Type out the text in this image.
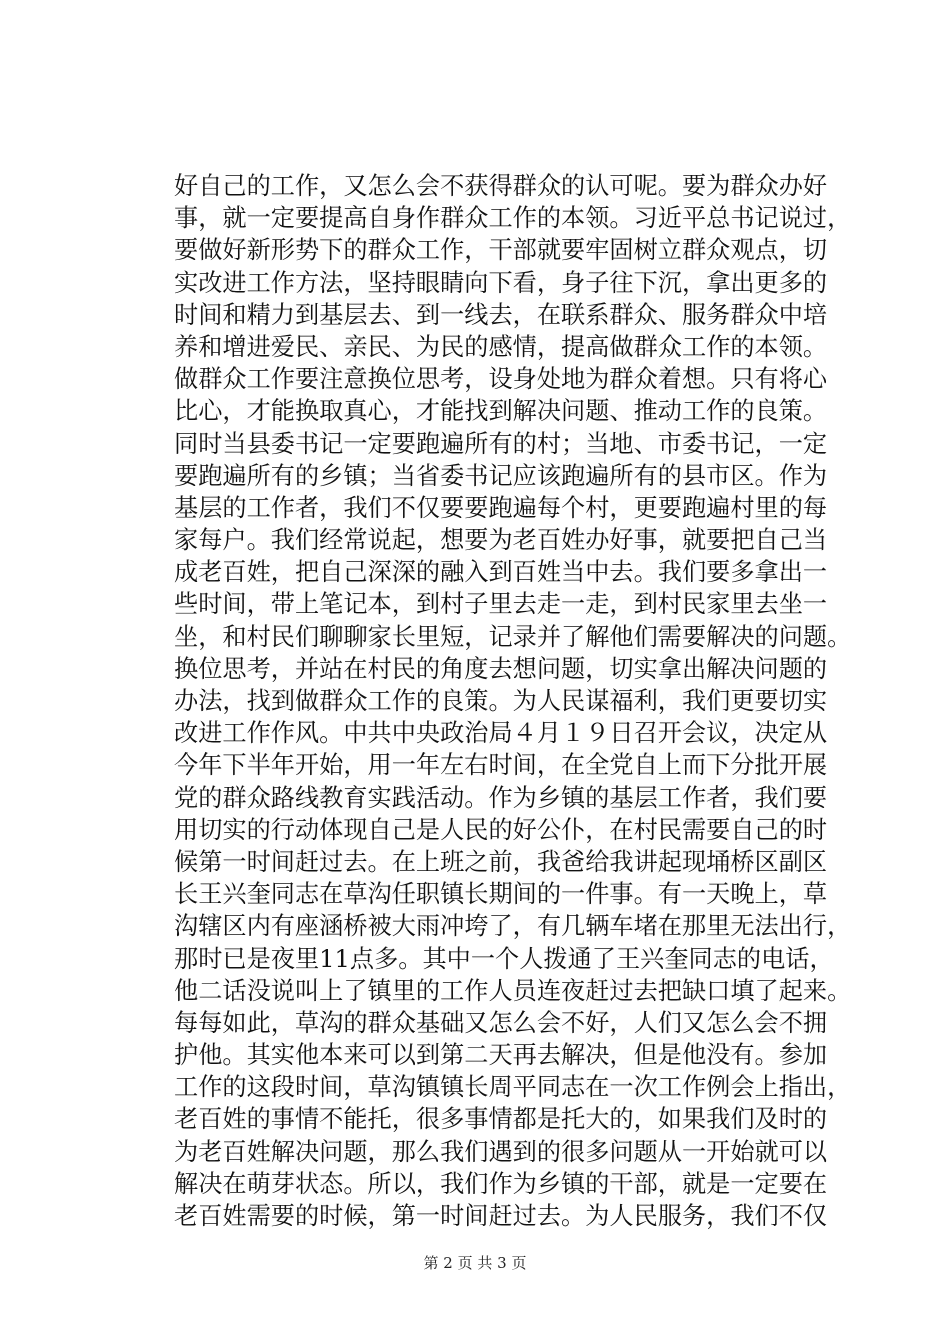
好自己的工作，又怎么会不获得群众的认可呢。要为群众办好
事，就一定要提高自身作群众工作的本领。习近平总书记说过，
要做好新形势下的群众工作，干部就要牢固树立群众观点，切
实改进工作方法，坚持眼睛向下看，身子往下沉，拿出更多的
时间和精力到基层去、到一线去，在联系群众、服务群众中培
养和增进爱民、亲民、为民的感情，提高做群众工作的本领。
做群众工作要注意换位思考，设身处地为群众着想。只有将心
比心，才能换取真心，才能找到解决问题、推动工作的良策。
同时当县委书记一定要跑遍所有的村；当地、市委书记，一定
要跑遍所有的乡镇；当省委书记应该跑遍所有的县市区。作为
基层的工作者，我们不仅要要跑遍每个村，更要跑遍村里的每
家每户。我们经常说起，想要为老百姓办好事，就要把自己当
成老百姓，把自己深深的融入到百姓当中去。我们要多拿出一
些时间，带上笔记本，到村子里去走一走，到村民家里去坐一
坐，和村民们聊聊家长里短，记录并了解他们需要解决的问题。
换位思考，并站在村民的角度去想问题，切实拿出解决问题的
办法，找到做群众工作的良策。为人民谋福利，我们更要切实
改进工作作风。中共中央政治局４月１９日召开会议，决定从
今年下半年开始，用一年左右时间，在全党自上而下分批开展
党的群众路线教育实践活动。作为乡镇的基层工作者，我们要
用切实的行动体现自己是人民的好公仆，在村民需要自己的时
候第一时间赶过去。在上班之前，我爸给我讲起现埇桥区副区
长王兴奎同志在草沟任职镇长期间的一件事。有一天晚上，草
沟辖区内有座涵桥被大雨冲垮了，有几辆车堵在那里无法出行，
那时已是夜里11点多。其中一个人拨通了王兴奎同志的电话，
他二话没说叫上了镇里的工作人员连夜赶过去把缺口填了起来。
每每如此，草沟的群众基础又怎么会不好，人们又怎么会不拥
护他。其实他本来可以到第二天再去解决，但是他没有。参加
工作的这段时间，草沟镇镇长周平同志在一次工作例会上指出，
老百姓的事情不能托，很多事情都是托大的，如果我们及时的
为老百姓解决问题，那么我们遇到的很多问题从一开始就可以
解决在萌芽状态。所以，我们作为乡镇的干部，就是一定要在
老百姓需要的时候，第一时间赶过去。为人民服务，我们不仅
第 2 页 共 3 页
